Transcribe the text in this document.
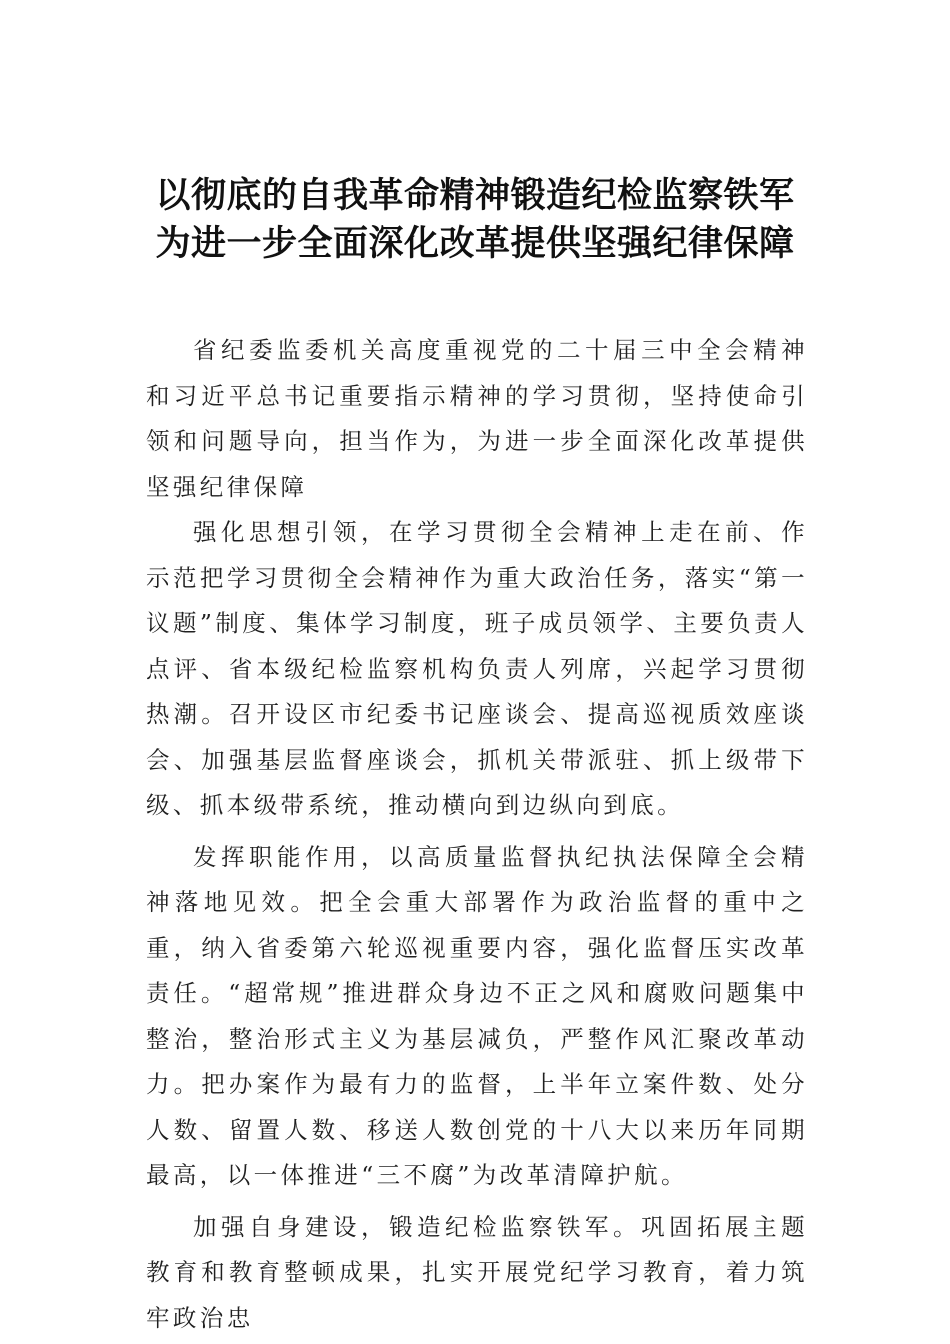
以彻底的自我革命精神锻造纪检监察铁军
为进一步全面深化改革提供坚强纪律保障

省纪委监委机关高度重视党的二十届三中全会精神和习近平总书记重要指示精神的学习贯彻，坚持使命引领和问题导向，担当作为，为进一步全面深化改革提供坚强纪律保障

强化思想引领，在学习贯彻全会精神上走在前、作示范把学习贯彻全会精神作为重大政治任务，落实“第一议题”制度、集体学习制度，班子成员领学、主要负责人点评、省本级纪检监察机构负责人列席，兴起学习贯彻热潮。召开设区市纪委书记座谈会、提高巡视质效座谈会、加强基层监督座谈会，抓机关带派驻、抓上级带下级、抓本级带系统，推动横向到边纵向到底。

发挥职能作用，以高质量监督执纪执法保障全会精神落地见效。把全会重大部署作为政治监督的重中之重，纳入省委第六轮巡视重要内容，强化监督压实改革责任。“超常规”推进群众身边不正之风和腐败问题集中整治，整治形式主义为基层减负，严整作风汇聚改革动力。把办案作为最有力的监督，上半年立案件数、处分人数、留置人数、移送人数创党的十八大以来历年同期最高，以一体推进“三不腐”为改革清障护航。

加强自身建设，锻造纪检监察铁军。巩固拓展主题教育和教育整顿成果，扎实开展党纪学习教育，着力筑牢政治忠
